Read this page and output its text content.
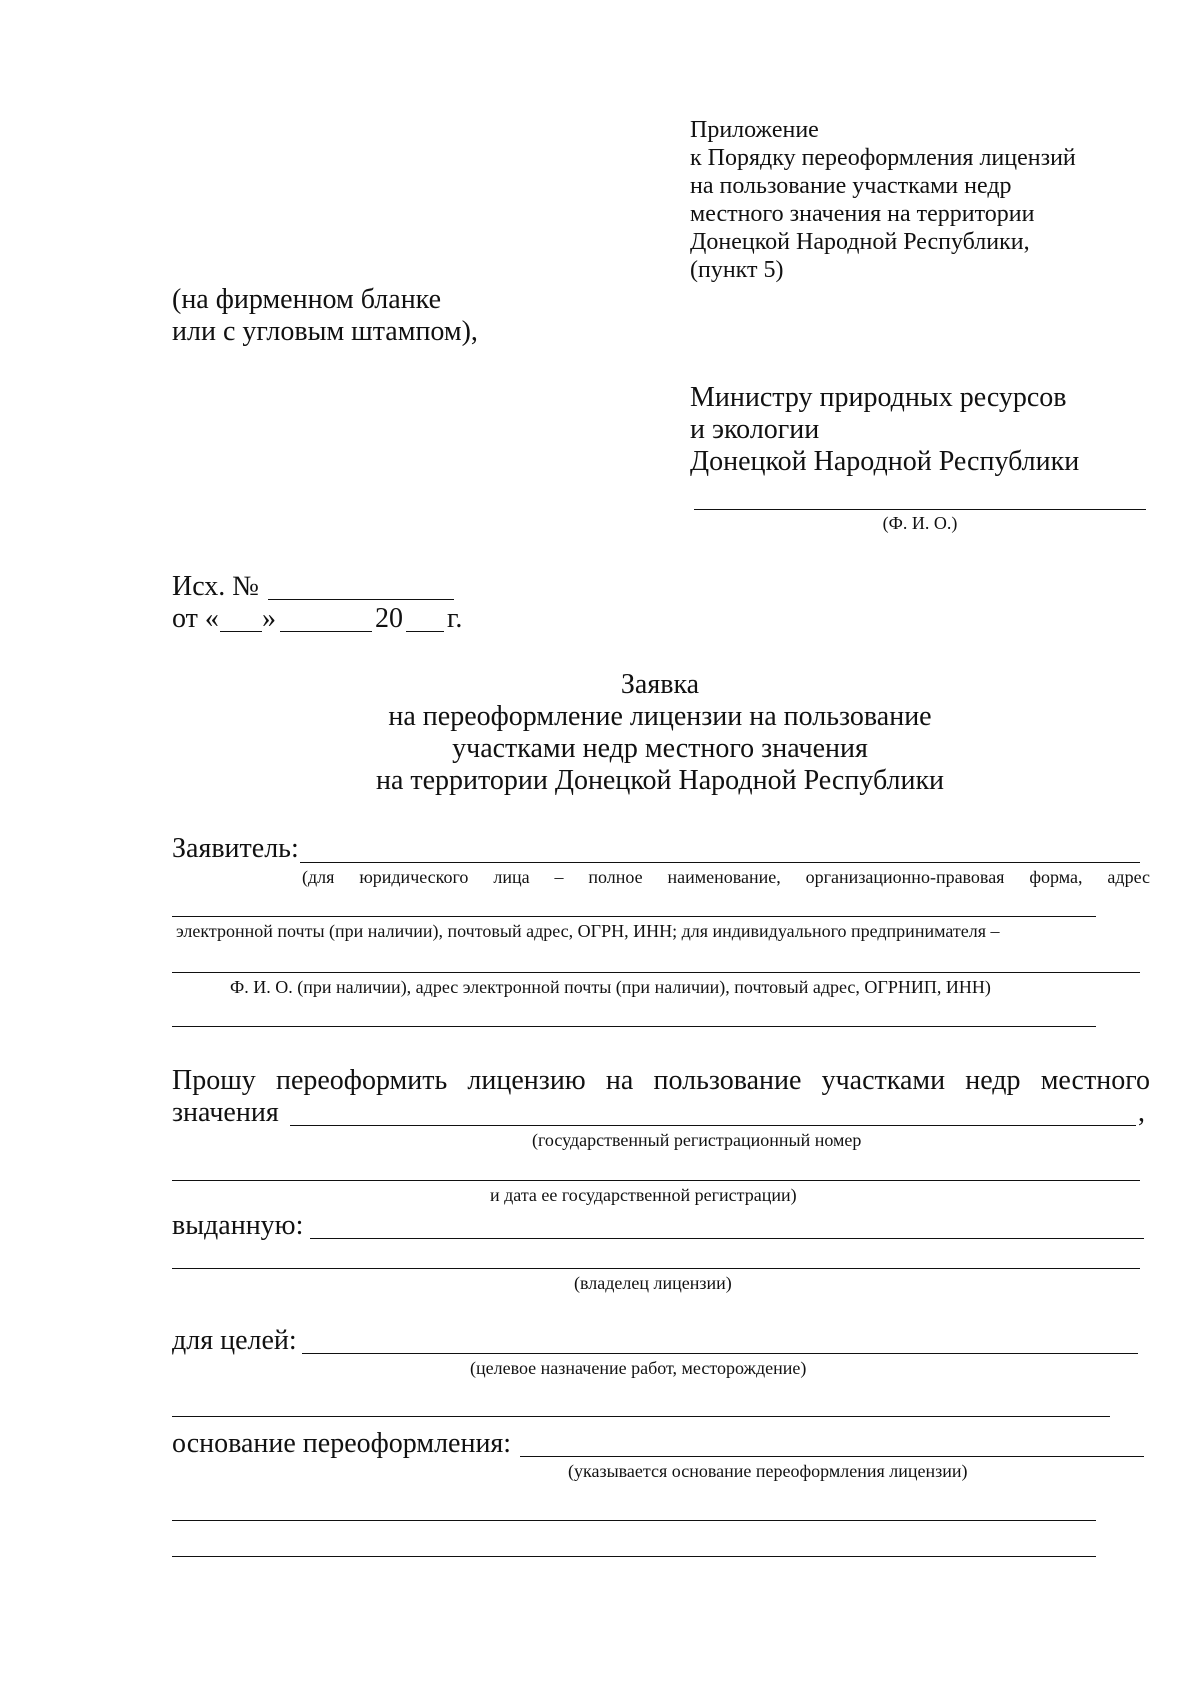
Приложение
к Порядку переоформления лицензий
на пользование участками недр
местного значения на территории
Донецкой Народной Республики,
(пункт 5)
(на фирменном бланке
или с угловым штампом),
Министру природных ресурсов
и экологии
Донецкой Народной Республики
(Ф. И. О.)
Исх. №
от « »	20 г.
Заявка
на переоформление лицензии на пользование
участками недр местного значения
на территории Донецкой Народной Республики
Заявитель:
(для юридического лица – полное наименование, организационно-правовая форма, адрес
электронной почты (при наличии), почтовый адрес, ОГРН, ИНН; для индивидуального предпринимателя –
Ф. И. О. (при наличии), адрес электронной почты (при наличии), почтовый адрес, ОГРНИП, ИНН)
Прошу переоформить лицензию на пользование участками недр местного
значения	,
(государственный регистрационный номер
и дата ее государственной регистрации)
выданную:
(владелец лицензии)
для целей:
(целевое назначение работ, месторождение)
основание переоформления:
(указывается основание переоформления лицензии)
